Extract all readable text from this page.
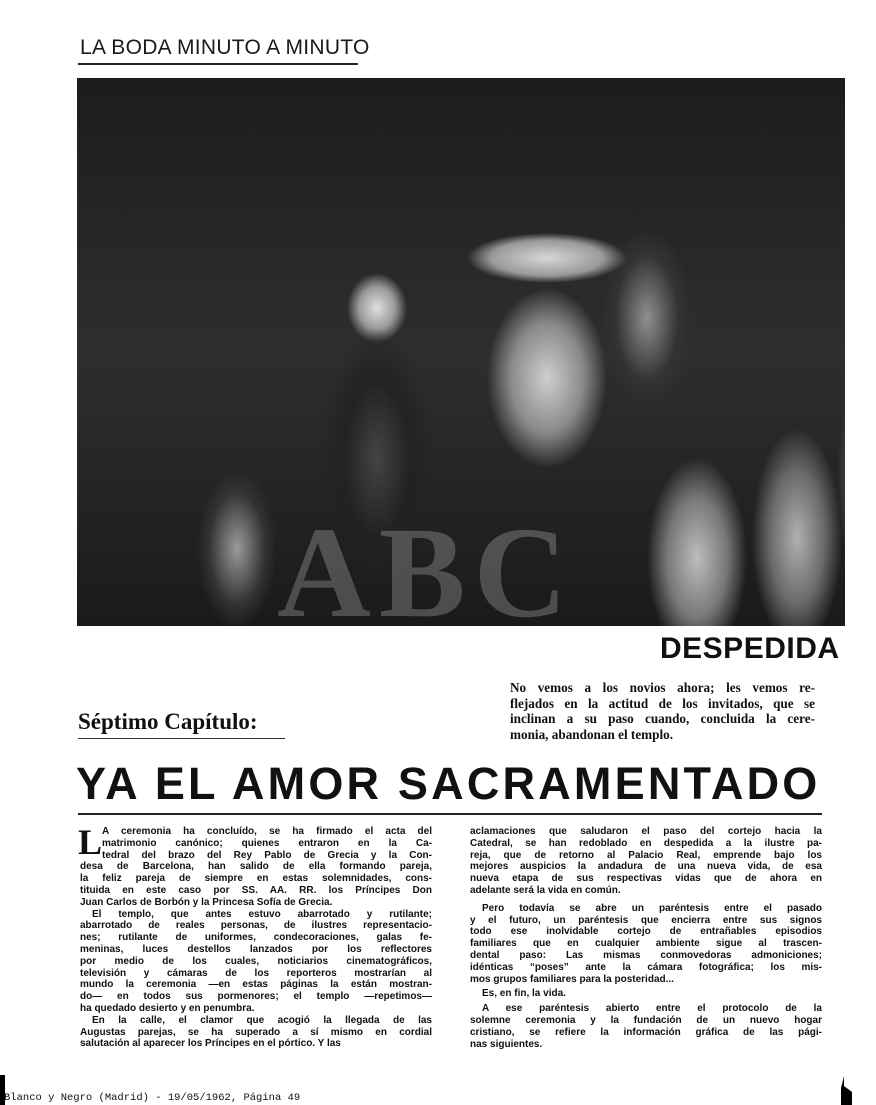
LA BODA MINUTO A MINUTO
ABC
DESPEDIDA
No vemos a los novios ahora; les vemos re-
flejados en la actitud de los invitados, que se
inclinan a su paso cuando, concluida la cere-
monia, abandonan el templo.
Séptimo Capítulo:
YA EL AMOR SACRAMENTADO
L A ceremonia ha concluído, se ha firmado el acta del
matrimonio canónico; quienes entraron en la Ca-
tedral del brazo del Rey Pablo de Grecia y la Con-
desa de Barcelona, han salido de ella formando pareja,
la feliz pareja de siempre en estas solemnidades, cons-
tituida en este caso por SS. AA. RR. los Príncipes Don
Juan Carlos de Borbón y la Princesa Sofía de Grecia.
El templo, que antes estuvo abarrotado y rutilante;
abarrotado de reales personas, de ilustres representacio-
nes; rutilante de uniformes, condecoraciones, galas fe-
meninas, luces destellos lanzados por los reflectores
por medio de los cuales, noticiarios cinematográficos,
televisión y cámaras de los reporteros mostrarían al
mundo la ceremonia —en estas páginas la están mostran-
do— en todos sus pormenores; el templo —repetimos—
ha quedado desierto y en penumbra.
En la calle, el clamor que acogió la llegada de las
Augustas parejas, se ha superado a sí mismo en cordial
salutación al aparecer los Príncipes en el pórtico. Y las
aclamaciones que saludaron el paso del cortejo hacia la
Catedral, se han redoblado en despedida a la ilustre pa-
reja, que de retorno al Palacio Real, emprende bajo los
mejores auspicios la andadura de una nueva vida, de esa
nueva etapa de sus respectivas vidas que de ahora en
adelante será la vida en común.
Pero todavía se abre un paréntesis entre el pasado
y el futuro, un paréntesis que encierra entre sus signos
todo ese inolvidable cortejo de entrañables episodios
familiares que en cualquier ambiente sigue al trascen-
dental paso: Las mismas conmovedoras admoniciones;
idénticas “poses” ante la cámara fotográfica; los mis-
mos grupos familiares para la posteridad...
Es, en fin, la vida.
A ese paréntesis abierto entre el protocolo de la
solemne ceremonia y la fundación de un nuevo hogar
cristiano, se refiere la información gráfica de las pági-
nas siguientes.
Blanco y Negro (Madrid) - 19/05/1962, Página 49
